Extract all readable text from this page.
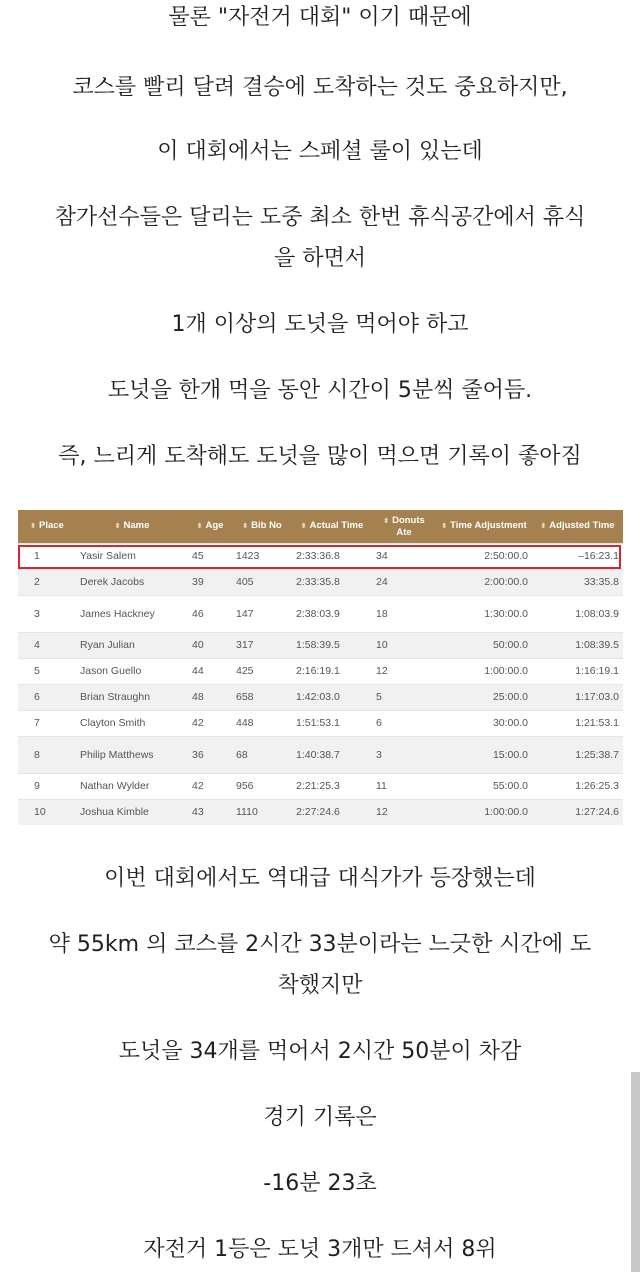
물론 "자전거 대회" 이기 때문에

코스를 빨리 달려 결승에 도착하는 것도 중요하지만,

이 대회에서는 스페셜 룰이 있는데

참가선수들은 달리는 도중 최소 한번 휴식공간에서 휴식

을 하면서

1개 이상의 도넛을 먹어야 하고

도넛을 한개 먹을 동안 시간이 5분씩 줄어듬.

즉, 느리게 도착해도 도넛을 많이 먹으면 기록이 좋아짐

⬍ Place	⬍ Name	⬍ Age	⬍ Bib No	⬍ Actual Time	⬍ Donuts Ate	⬍ Time Adjustment	⬍ Adjusted Time
1	Yasir Salem	45	1423	2:33:36.8	34	2:50:00.0	–16:23.1
2	Derek Jacobs	39	405	2:33:35.8	24	2:00:00.0	33:35.8
3	James Hackney	46	147	2:38:03.9	18	1:30:00.0	1:08:03.9
4	Ryan Julian	40	317	1:58:39.5	10	50:00.0	1:08:39.5
5	Jason Guello	44	425	2:16:19.1	12	1:00:00.0	1:16:19.1
6	Brian Straughn	48	658	1:42:03.0	5	25:00.0	1:17:03.0
7	Clayton Smith	42	448	1:51:53.1	6	30:00.0	1:21:53.1
8	Philip Matthews	36	68	1:40:38.7	3	15:00.0	1:25:38.7
9	Nathan Wylder	42	956	2:21:25.3	11	55:00.0	1:26:25.3
10	Joshua Kimble	43	1110	2:27:24.6	12	1:00:00.0	1:27:24.6

이번 대회에서도 역대급 대식가가 등장했는데

약 55km 의 코스를 2시간 33분이라는 느긋한 시간에 도

착했지만

도넛을 34개를 먹어서 2시간 50분이 차감

경기 기록은

-16분 23초

자전거 1등은 도넛 3개만 드셔서 8위
